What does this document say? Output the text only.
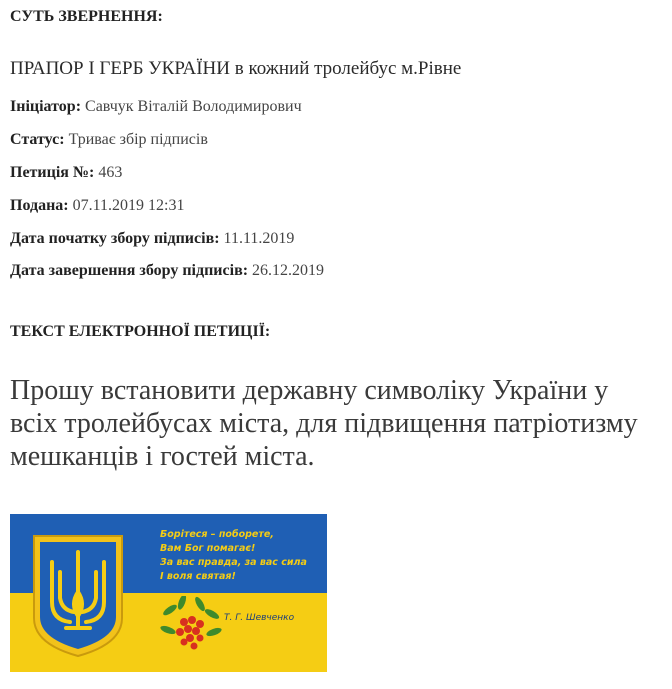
СУТЬ ЗВЕРНЕННЯ:
ПРАПОР І ГЕРБ УКРАЇНИ в кожний тролейбус м.Рівне
Ініціатор: Савчук Віталій Володимирович
Статус: Триває збір підписів
Петиція №: 463
Подана: 07.11.2019 12:31
Дата початку збору підписів: 11.11.2019
Дата завершення збору підписів: 26.12.2019
ТЕКСТ ЕЛЕКТРОННОЇ ПЕТИЦІЇ:
Прошу встановити державну символіку України у всіх тролейбусах міста, для підвищення патріотизму мешканців і гостей міста.
Борітеся – поборете,
Вам Бог помагає!
За вас правда, за вас сила
І воля святая!
Т. Г. Шевченко
